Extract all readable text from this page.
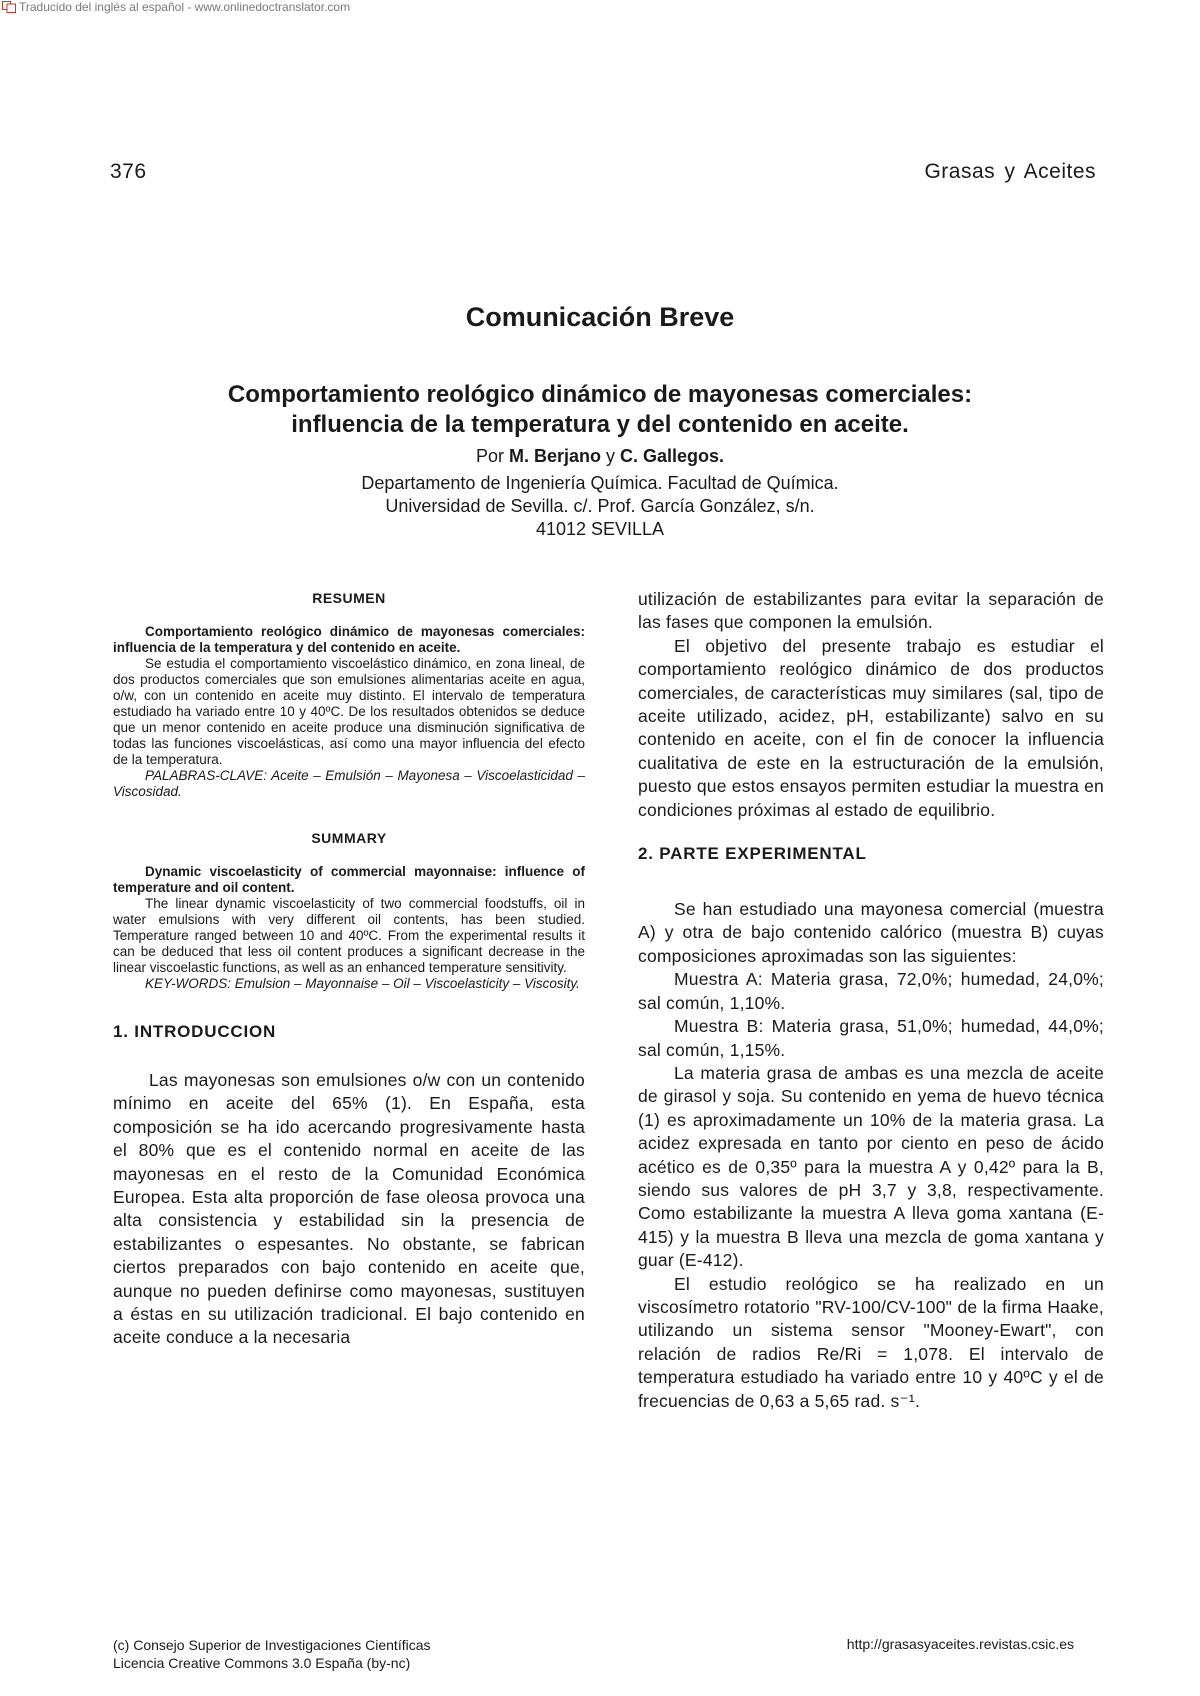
Traducido del inglés al español - www.onlinedoctranslator.com
376	Grasas y Aceites
Comunicación Breve
Comportamiento reológico dinámico de mayonesas comerciales:
influencia de la temperatura y del contenido en aceite.
Por M. Berjano y C. Gallegos.
Departamento de Ingeniería Química. Facultad de Química.
Universidad de Sevilla. c/. Prof. García González, s/n.
41012 SEVILLA
RESUMEN

Comportamiento reológico dinámico de mayonesas comerciales: influencia de la temperatura y del contenido en aceite.

Se estudia el comportamiento viscoelástico dinámico, en zona lineal, de dos productos comerciales que son emulsiones alimentarias aceite en agua, o/w, con un contenido en aceite muy distinto. El intervalo de temperatura estudiado ha variado entre 10 y 40ºC. De los resultados obtenidos se deduce que un menor contenido en aceite produce una disminución significativa de todas las funciones viscoelásticas, así como una mayor influencia del efecto de la temperatura.

PALABRAS-CLAVE: Aceite – Emulsión – Mayonesa – Viscoelasticidad – Viscosidad.

SUMMARY

Dynamic viscoelasticity of commercial mayonnaise: influence of temperature and oil content.

The linear dynamic viscoelasticity of two commercial foodstuffs, oil in water emulsions with very different oil contents, has been studied. Temperature ranged between 10 and 40ºC. From the experimental results it can be deduced that less oil content produces a significant decrease in the linear viscoelastic functions, as well as an enhanced temperature sensitivity.

KEY-WORDS: Emulsion – Mayonnaise – Oil – Viscoelasticity – Viscosity.

1. INTRODUCCION

Las mayonesas son emulsiones o/w con un contenido mínimo en aceite del 65% (1). En España, esta composición se ha ido acercando progresivamente hasta el 80% que es el contenido normal en aceite de las mayonesas en el resto de la Comunidad Económica Europea. Esta alta proporción de fase oleosa provoca una alta consistencia y estabilidad sin la presencia de estabilizantes o espesantes. No obstante, se fabrican ciertos preparados con bajo contenido en aceite que, aunque no pueden definirse como mayonesas, sustituyen a éstas en su utilización tradicional. El bajo contenido en aceite conduce a la necesaria

utilización de estabilizantes para evitar la separación de las fases que componen la emulsión.

El objetivo del presente trabajo es estudiar el comportamiento reológico dinámico de dos productos comerciales, de características muy similares (sal, tipo de aceite utilizado, acidez, pH, estabilizante) salvo en su contenido en aceite, con el fin de conocer la influencia cualitativa de este en la estructuración de la emulsión, puesto que estos ensayos permiten estudiar la muestra en condiciones próximas al estado de equilibrio.

2. PARTE EXPERIMENTAL

Se han estudiado una mayonesa comercial (muestra A) y otra de bajo contenido calórico (muestra B) cuyas composiciones aproximadas son las siguientes:

Muestra A: Materia grasa, 72,0%; humedad, 24,0%; sal común, 1,10%.

Muestra B: Materia grasa, 51,0%; humedad, 44,0%; sal común, 1,15%.

La materia grasa de ambas es una mezcla de aceite de girasol y soja. Su contenido en yema de huevo técnica (1) es aproximadamente un 10% de la materia grasa. La acidez expresada en tanto por ciento en peso de ácido acético es de 0,35º para la muestra A y 0,42º para la B, siendo sus valores de pH 3,7 y 3,8, respectivamente. Como estabilizante la muestra A lleva goma xantana (E-415) y la muestra B lleva una mezcla de goma xantana y guar (E-412).

El estudio reológico se ha realizado en un viscosímetro rotatorio "RV-100/CV-100" de la firma Haake, utilizando un sistema sensor "Mooney-Ewart", con relación de radios Re/Ri = 1,078. El intervalo de temperatura estudiado ha variado entre 10 y 40ºC y el de frecuencias de 0,63 a 5,65 rad. s⁻¹.

(c) Consejo Superior de Investigaciones Científicas
Licencia Creative Commons 3.0 España (by-nc)
http://grasasyaceites.revistas.csic.es
